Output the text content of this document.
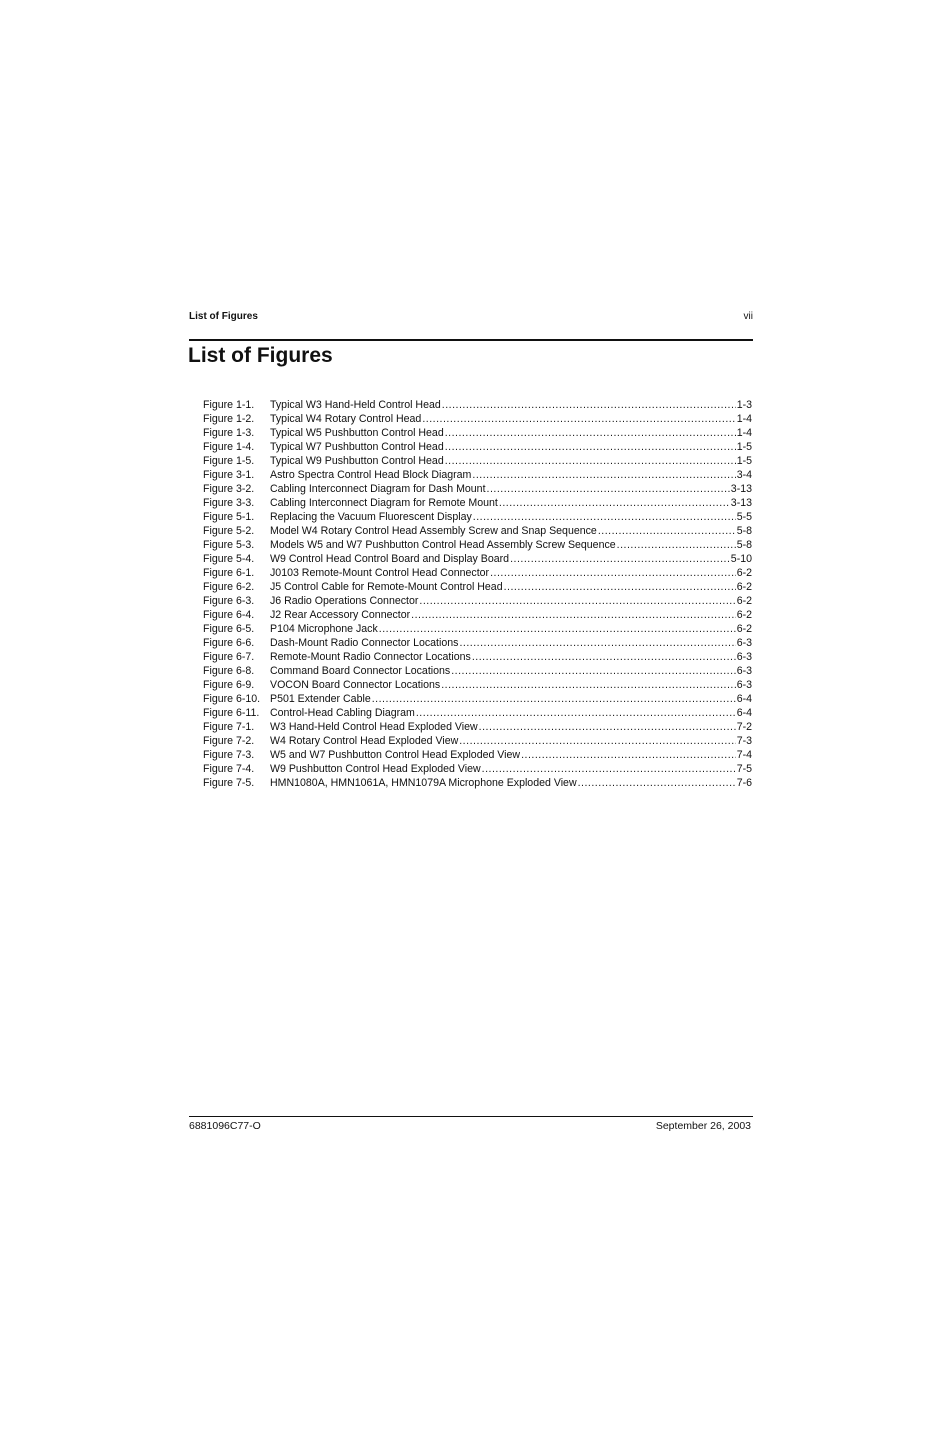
List of Figures	vii
List of Figures
Figure 1-1.	Typical W3 Hand-Held Control Head .....	1-3
Figure 1-2.	Typical W4 Rotary Control Head .....	1-4
Figure 1-3.	Typical W5 Pushbutton Control Head .....	1-4
Figure 1-4.	Typical W7 Pushbutton Control Head .....	1-5
Figure 1-5.	Typical W9 Pushbutton Control Head .....	1-5
Figure 3-1.	Astro Spectra Control Head Block Diagram .....	3-4
Figure 3-2.	Cabling Interconnect Diagram for Dash Mount .....	3-13
Figure 3-3.	Cabling Interconnect Diagram for Remote Mount .....	3-13
Figure 5-1.	Replacing the Vacuum Fluorescent Display .....	5-5
Figure 5-2.	Model W4 Rotary Control Head Assembly Screw and Snap Sequence .....	5-8
Figure 5-3.	Models W5 and W7 Pushbutton Control Head Assembly Screw Sequence .....	5-8
Figure 5-4.	W9 Control Head Control Board and Display Board .....	5-10
Figure 6-1.	J0103 Remote-Mount Control Head Connector .....	6-2
Figure 6-2.	J5 Control Cable for Remote-Mount Control Head .....	6-2
Figure 6-3.	J6 Radio Operations Connector .....	6-2
Figure 6-4.	J2 Rear Accessory Connector .....	6-2
Figure 6-5.	P104 Microphone Jack .....	6-2
Figure 6-6.	Dash-Mount Radio Connector Locations .....	6-3
Figure 6-7.	Remote-Mount Radio Connector Locations .....	6-3
Figure 6-8.	Command Board Connector Locations .....	6-3
Figure 6-9.	VOCON Board Connector Locations .....	6-3
Figure 6-10. P501 Extender Cable .....	6-4
Figure 6-11.	Control-Head Cabling Diagram .....	6-4
Figure 7-1.	W3 Hand-Held Control Head Exploded View .....	7-2
Figure 7-2.	W4 Rotary Control Head Exploded View .....	7-3
Figure 7-3.	W5 and W7 Pushbutton Control Head Exploded View .....	7-4
Figure 7-4.	W9 Pushbutton Control Head Exploded View .....	7-5
Figure 7-5.	HMN1080A, HMN1061A, HMN1079A Microphone Exploded View .....	7-6
6881096C77-O	September 26, 2003
